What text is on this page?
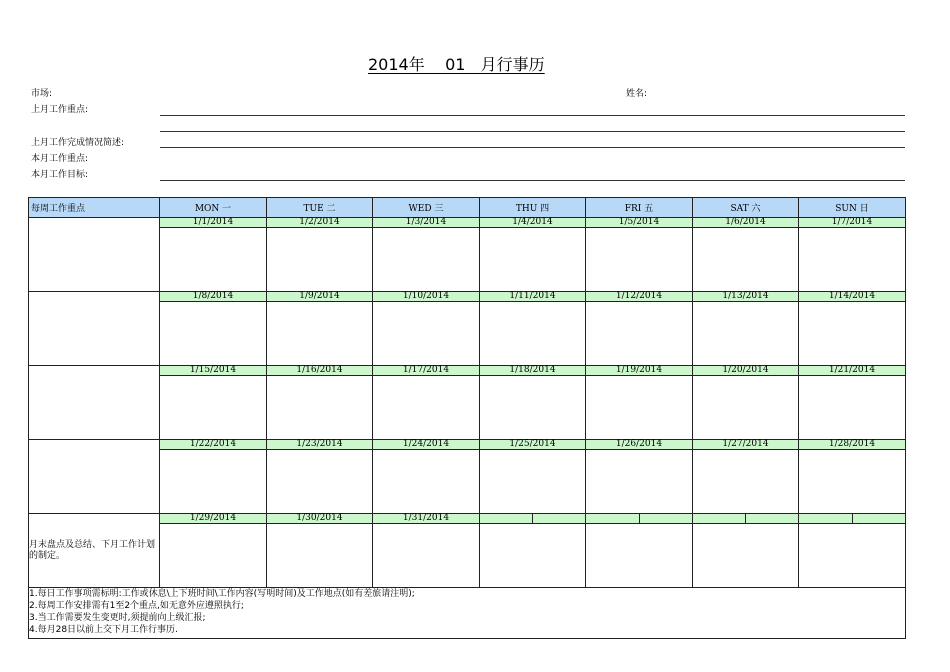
2014年    01   月行事历
市场:	姓名:
上月工作重点:
上月工作完成情况简述:
本月工作重点:
本月工作目标:
每周工作重点	MON 一	TUE 二	WED 三	THU 四	FRI 五	SAT 六	SUN 日
	1/1/2014	1/2/2014	1/3/2014	1/4/2014	1/5/2014	1/6/2014	1/7/2014

	1/8/2014	1/9/2014	1/10/2014	1/11/2014	1/12/2014	1/13/2014	1/14/2014

	1/15/2014	1/16/2014	1/17/2014	1/18/2014	1/19/2014	1/20/2014	1/21/2014

	1/22/2014	1/23/2014	1/24/2014	1/25/2014	1/26/2014	1/27/2014	1/28/2014

月末盘点及总结、下月工作计划的制定。	1/29/2014	1/30/2014	1/31/2014	

1.每日工作事项需标明:工作或休息\上下班时间\工作内容(写明时间)及工作地点(如有差旅请注明);
2.每周工作安排需有1至2个重点,如无意外应遵照执行;
3.当工作需要发生变更时,须提前向上级汇报;
4.每月28日以前上交下月工作行事历.							
